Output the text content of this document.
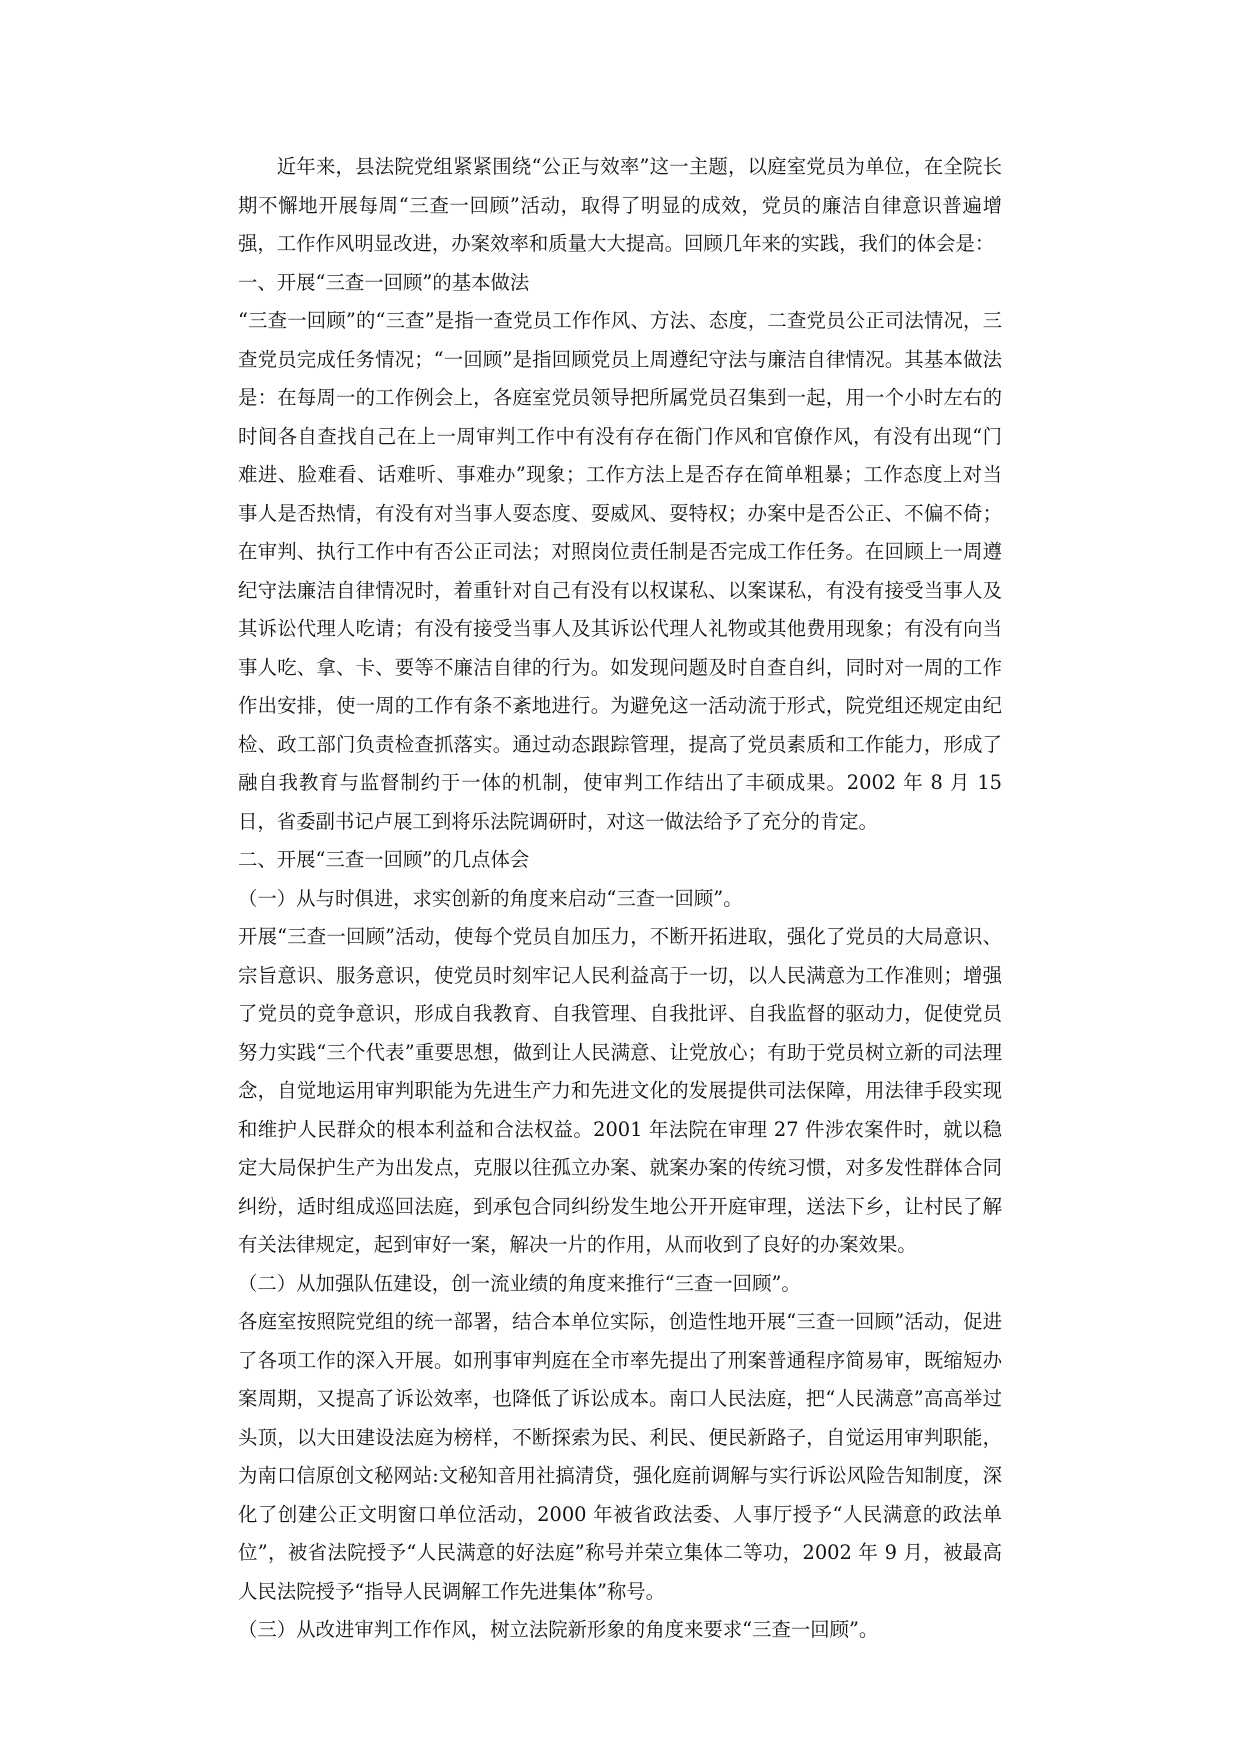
近年来，县法院党组紧紧围绕“公正与效率”这一主题，以庭室党员为单位，在全院长期不懈地开展每周“三查一回顾”活动，取得了明显的成效，党员的廉洁自律意识普遍增强，工作作风明显改进，办案效率和质量大大提高。回顾几年来的实践，我们的体会是：

一、开展“三查一回顾”的基本做法

“三查一回顾”的“三查”是指一查党员工作作风、方法、态度，二查党员公正司法情况，三查党员完成任务情况；“一回顾”是指回顾党员上周遵纪守法与廉洁自律情况。其基本做法是：在每周一的工作例会上，各庭室党员领导把所属党员召集到一起，用一个小时左右的时间各自查找自己在上一周审判工作中有没有存在衙门作风和官僚作风，有没有出现“门难进、脸难看、话难听、事难办”现象；工作方法上是否存在简单粗暴；工作态度上对当事人是否热情，有没有对当事人耍态度、耍威风、耍特权；办案中是否公正、不偏不倚；在审判、执行工作中有否公正司法；对照岗位责任制是否完成工作任务。在回顾上一周遵纪守法廉洁自律情况时，着重针对自己有没有以权谋私、以案谋私，有没有接受当事人及其诉讼代理人吃请；有没有接受当事人及其诉讼代理人礼物或其他费用现象；有没有向当事人吃、拿、卡、要等不廉洁自律的行为。如发现问题及时自查自纠，同时对一周的工作作出安排，使一周的工作有条不紊地进行。为避免这一活动流于形式，院党组还规定由纪检、政工部门负责检查抓落实。通过动态跟踪管理，提高了党员素质和工作能力，形成了融自我教育与监督制约于一体的机制，使审判工作结出了丰硕成果。2002 年 8 月 15 日，省委副书记卢展工到将乐法院调研时，对这一做法给予了充分的肯定。

二、开展“三查一回顾”的几点体会

（一）从与时俱进，求实创新的角度来启动“三查一回顾”。

开展“三查一回顾”活动，使每个党员自加压力，不断开拓进取，强化了党员的大局意识、宗旨意识、服务意识，使党员时刻牢记人民利益高于一切，以人民满意为工作准则；增强了党员的竞争意识，形成自我教育、自我管理、自我批评、自我监督的驱动力，促使党员努力实践“三个代表”重要思想，做到让人民满意、让党放心；有助于党员树立新的司法理念，自觉地运用审判职能为先进生产力和先进文化的发展提供司法保障，用法律手段实现和维护人民群众的根本利益和合法权益。2001 年法院在审理 27 件涉农案件时，就以稳定大局保护生产为出发点，克服以往孤立办案、就案办案的传统习惯，对多发性群体合同纠纷，适时组成巡回法庭，到承包合同纠纷发生地公开开庭审理，送法下乡，让村民了解有关法律规定，起到审好一案，解决一片的作用，从而收到了良好的办案效果。

（二）从加强队伍建设，创一流业绩的角度来推行“三查一回顾”。

各庭室按照院党组的统一部署，结合本单位实际，创造性地开展“三查一回顾”活动，促进了各项工作的深入开展。如刑事审判庭在全市率先提出了刑案普通程序简易审，既缩短办案周期，又提高了诉讼效率，也降低了诉讼成本。南口人民法庭，把“人民满意”高高举过头顶，以大田建设法庭为榜样，不断探索为民、利民、便民新路子，自觉运用审判职能，为南口信原创文秘网站:文秘知音用社搞清贷，强化庭前调解与实行诉讼风险告知制度，深化了创建公正文明窗口单位活动，2000 年被省政法委、人事厅授予“人民满意的政法单位”，被省法院授予“人民满意的好法庭”称号并荣立集体二等功，2002 年 9 月，被最高人民法院授予“指导人民调解工作先进集体”称号。

（三）从改进审判工作作风，树立法院新形象的角度来要求“三查一回顾”。
